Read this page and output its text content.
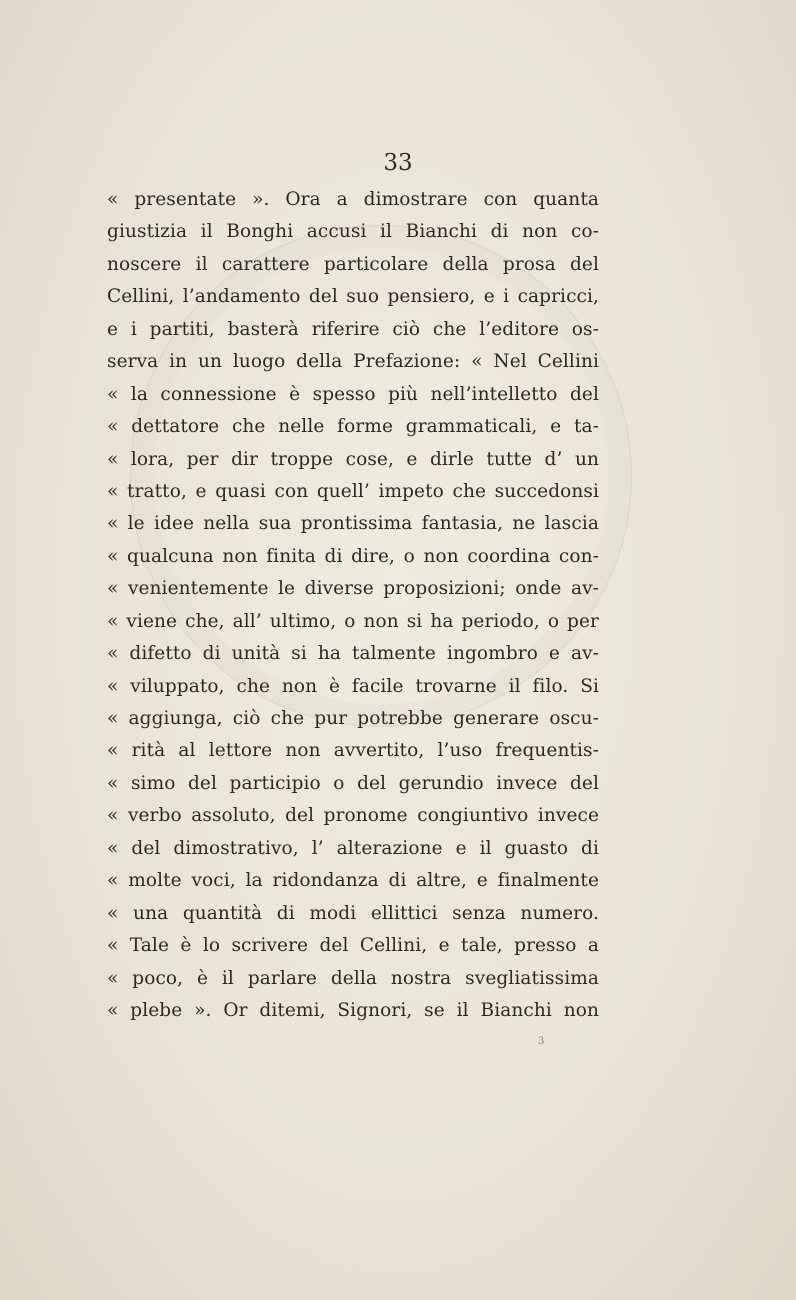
33
« presentate ». Ora a dimostrare con quanta
giustizia il Bonghi accusi il Bianchi di non co-
noscere il carattere particolare della prosa del
Cellini, l’andamento del suo pensiero, e i capricci,
e i partiti, basterà riferire ciò che l’editore os-
serva in un luogo della Prefazione: « Nel Cellini
« la connessione è spesso più nell’intelletto del
« dettatore che nelle forme grammaticali, e ta-
« lora, per dir troppe cose, e dirle tutte d’ un
« tratto, e quasi con quell’ impeto che succedonsi
« le idee nella sua prontissima fantasia, ne lascia
« qualcuna non finita di dire, o non coordina con-
« venientemente le diverse proposizioni; onde av-
« viene che, all’ ultimo, o non si ha periodo, o per
« difetto di unità si ha talmente ingombro e av-
« viluppato, che non è facile trovarne il filo. Si
« aggiunga, ciò che pur potrebbe generare oscu-
« rità al lettore non avvertito, l’uso frequentis-
« simo del participio o del gerundio invece del
« verbo assoluto, del pronome congiuntivo invece
« del dimostrativo, l’ alterazione e il guasto di
« molte voci, la ridondanza di altre, e finalmente
« una quantità di modi ellittici senza numero.
« Tale è lo scrivere del Cellini, e tale, presso a
« poco, è il parlare della nostra svegliatissima
« plebe ». Or ditemi, Signori, se il Bianchi non
3
